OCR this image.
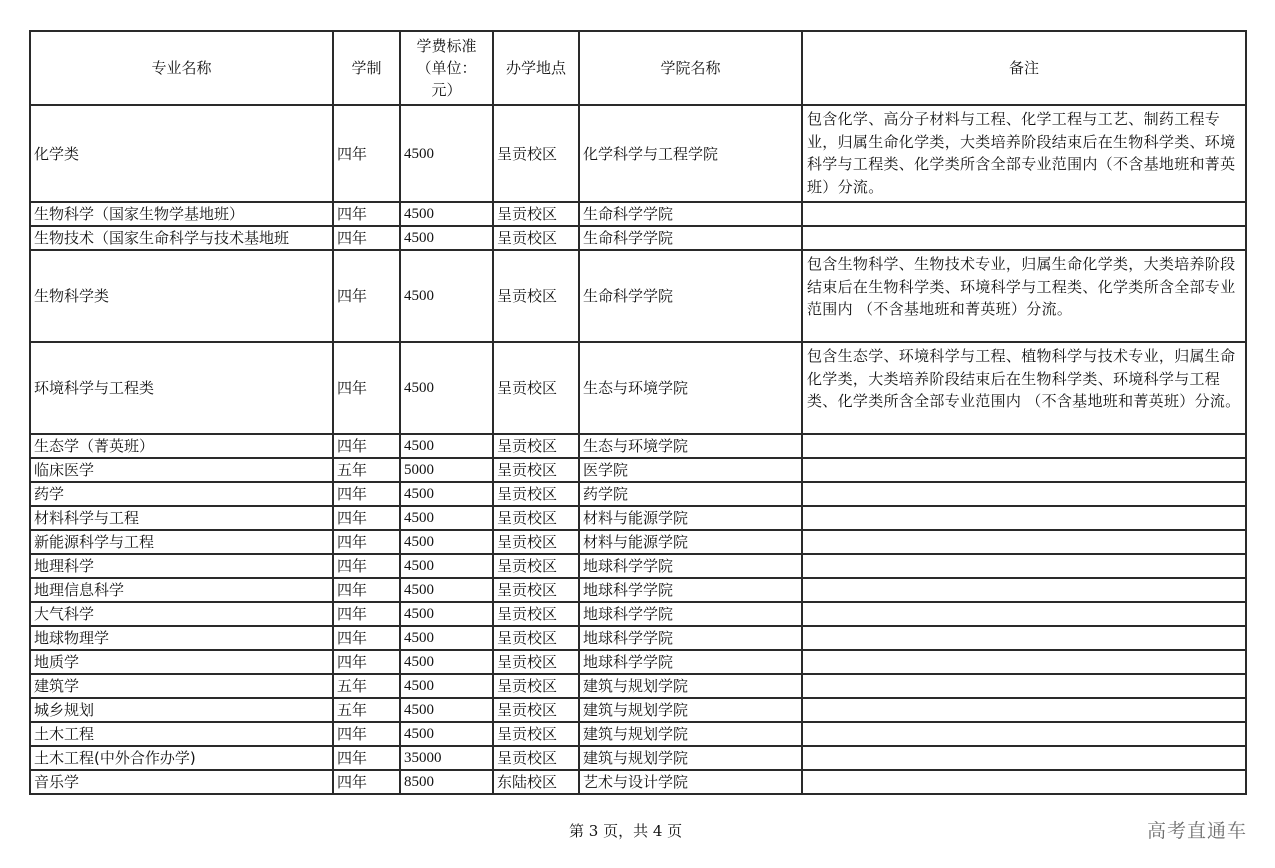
专业名称	学制	学费标准（单位：元）	办学地点	学院名称	备注
化学类	四年	4500	呈贡校区	化学科学与工程学院	包含化学、高分子材料与工程、化学工程与工艺、制药工程专业，归属生命化学类，大类培养阶段结束后在生物科学类、环境科学与工程类、化学类所含全部专业范围内（不含基地班和菁英班）分流。
生物科学（国家生物学基地班）	四年	4500	呈贡校区	生命科学学院	
生物技术（国家生命科学与技术基地班	四年	4500	呈贡校区	生命科学学院	
生物科学类	四年	4500	呈贡校区	生命科学学院	包含生物科学、生物技术专业，归属生命化学类，大类培养阶段结束后在生物科学类、环境科学与工程类、化学类所含全部专业范围内 （不含基地班和菁英班）分流。
环境科学与工程类	四年	4500	呈贡校区	生态与环境学院	包含生态学、环境科学与工程、植物科学与技术专业，归属生命化学类，大类培养阶段结束后在生物科学类、环境科学与工程类、化学类所含全部专业范围内 （不含基地班和菁英班）分流。
生态学（菁英班）	四年	4500	呈贡校区	生态与环境学院	
临床医学	五年	5000	呈贡校区	医学院	
药学	四年	4500	呈贡校区	药学院	
材料科学与工程	四年	4500	呈贡校区	材料与能源学院	
新能源科学与工程	四年	4500	呈贡校区	材料与能源学院	
地理科学	四年	4500	呈贡校区	地球科学学院	
地理信息科学	四年	4500	呈贡校区	地球科学学院	
大气科学	四年	4500	呈贡校区	地球科学学院	
地球物理学	四年	4500	呈贡校区	地球科学学院	
地质学	四年	4500	呈贡校区	地球科学学院	
建筑学	五年	4500	呈贡校区	建筑与规划学院	
城乡规划	五年	4500	呈贡校区	建筑与规划学院	
土木工程	四年	4500	呈贡校区	建筑与规划学院	
土木工程(中外合作办学)	四年	35000	呈贡校区	建筑与规划学院	
音乐学	四年	8500	东陆校区	艺术与设计学院	
第 3 页，共 4 页	高考直通车
